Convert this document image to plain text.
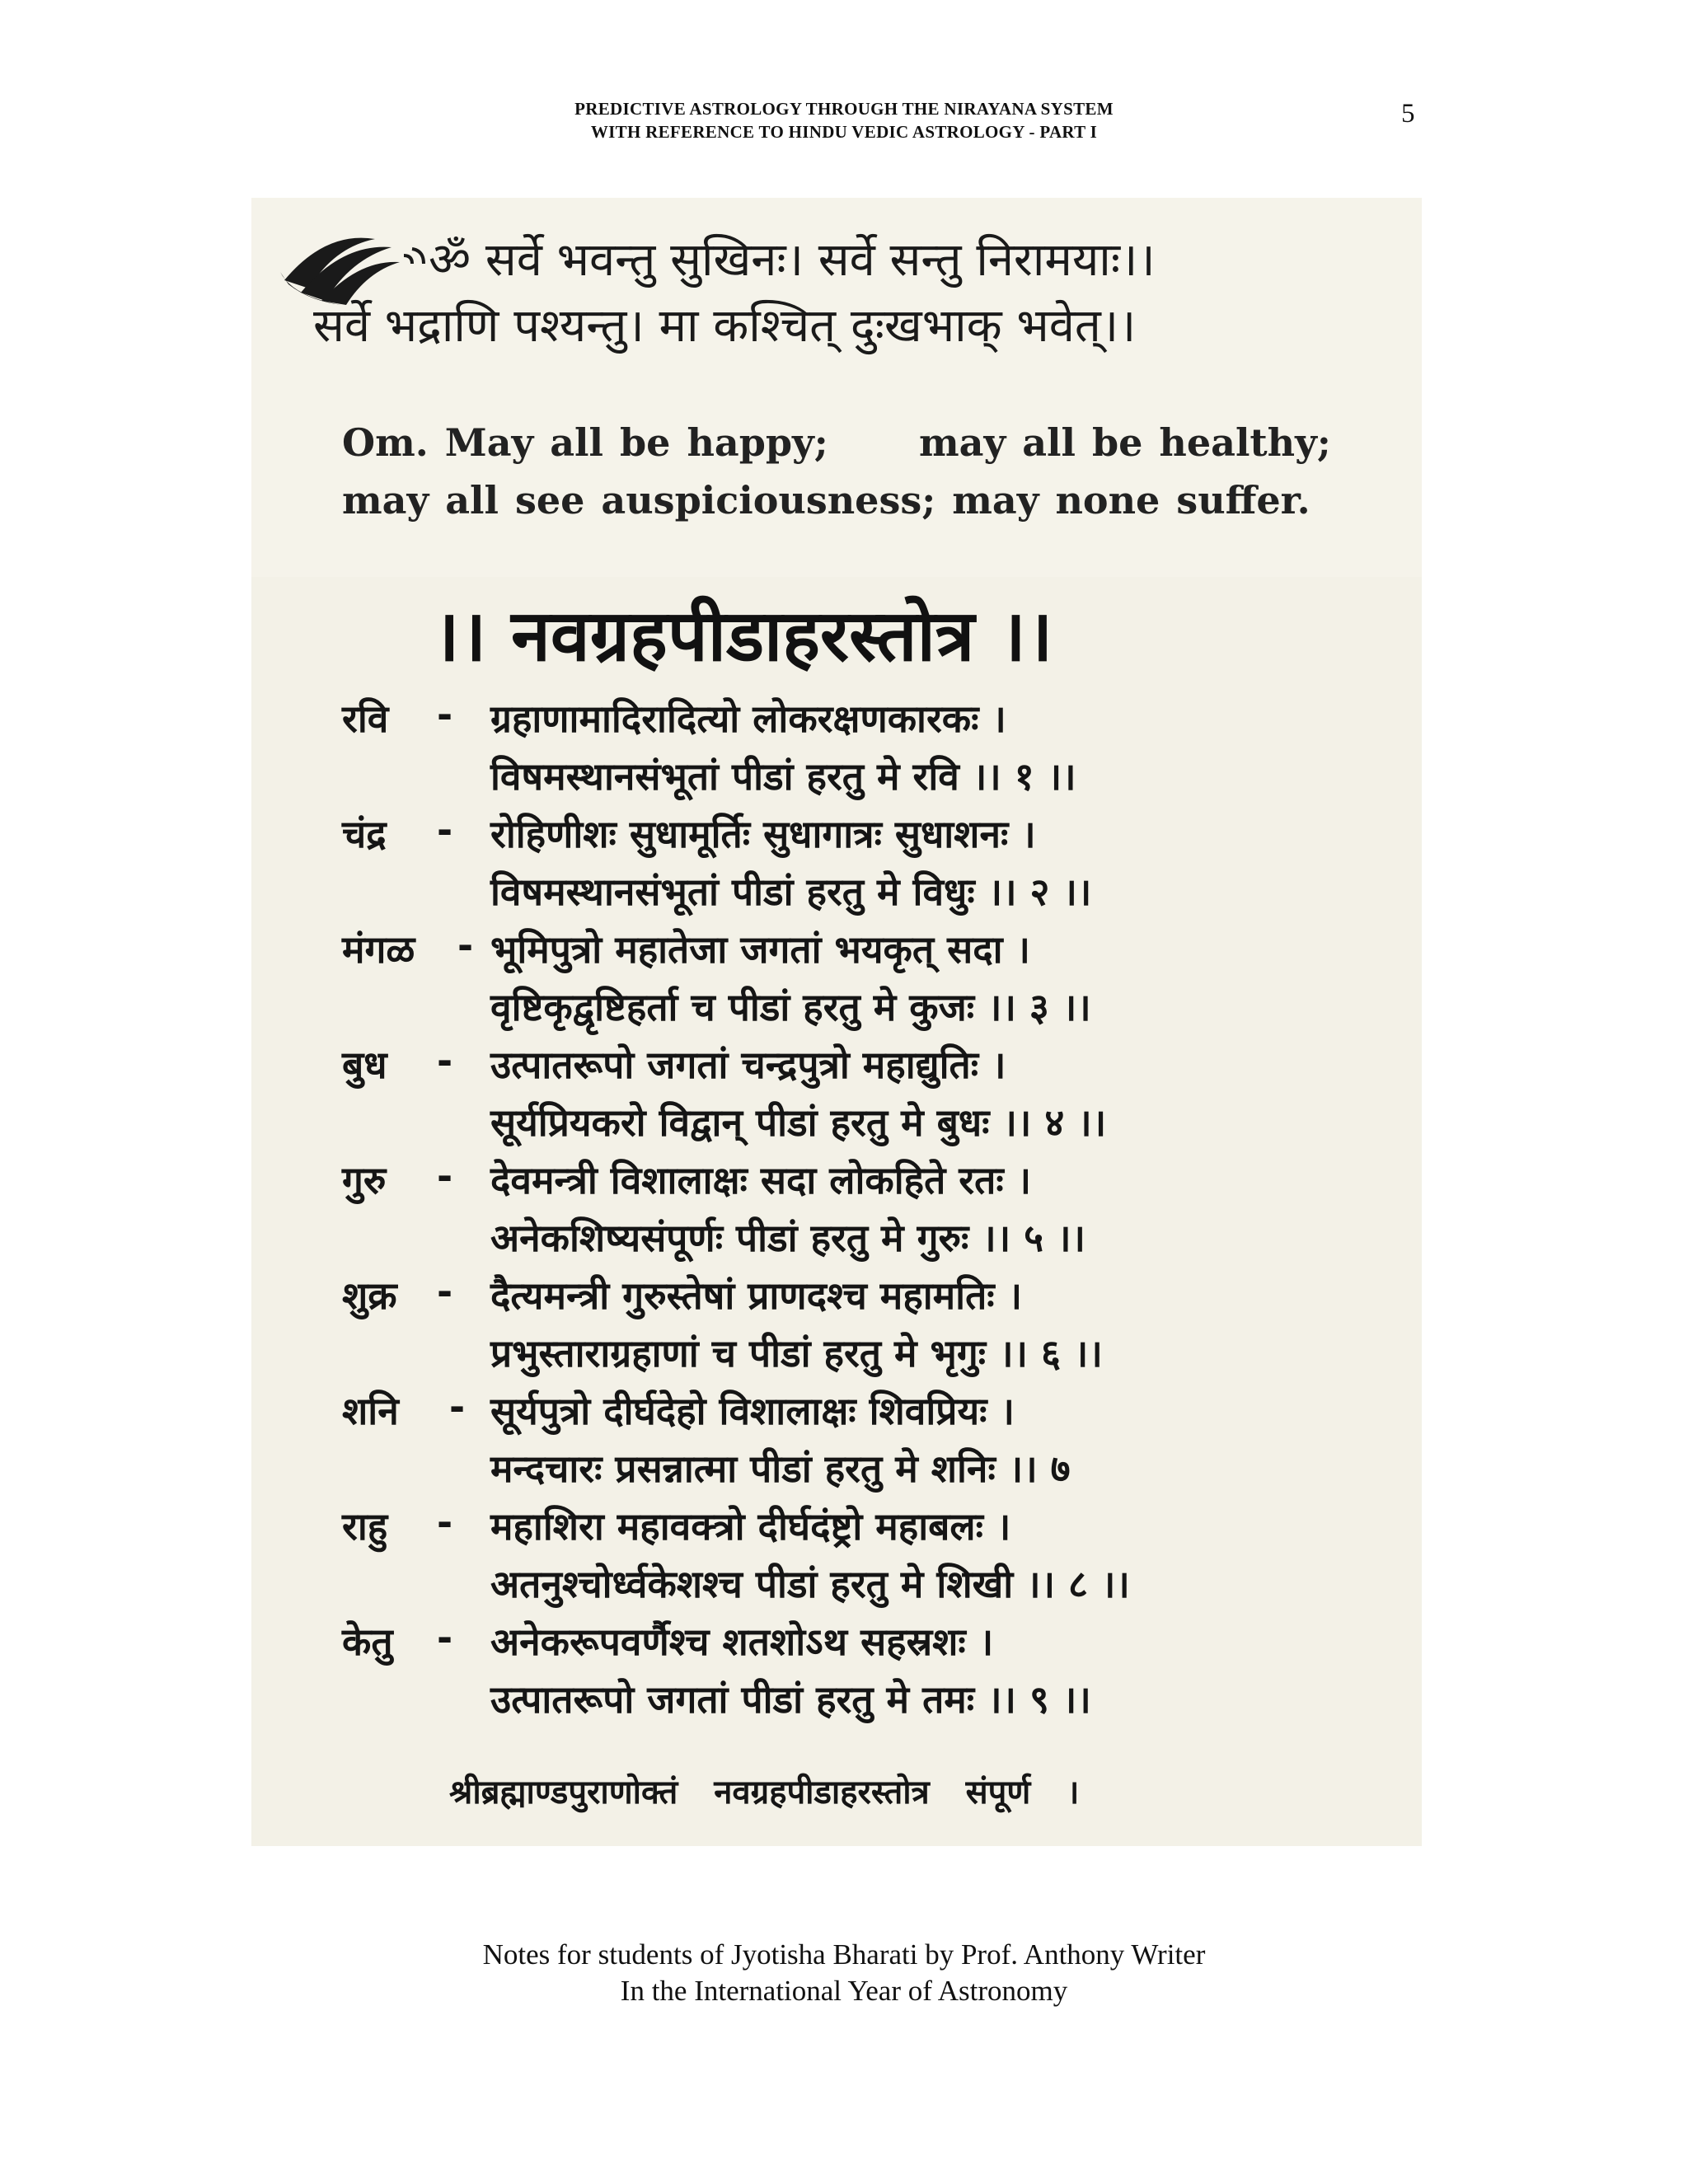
PREDICTIVE ASTROLOGY THROUGH THE NIRAYANA SYSTEM
WITH REFERENCE TO HINDU VEDIC ASTROLOGY - PART I
5
ॐ सर्वे भवन्तु सुखिनः। सर्वे सन्तु निरामयाः।।
सर्वे भद्राणि पश्यन्तु। मा कश्चित् दुःखभाक् भवेत्।।
Om. May all be happy; may all be healthy;
may all see auspiciousness; may none suffer.
।। नवग्रहपीडाहरस्तोत्र ।।
रवि - ग्रहाणामादिरादित्यो लोकरक्षणकारकः ।
विषमस्थानसंभूतां पीडां हरतु मे रवि ।। १ ।।
चंद्र - रोहिणीशः सुधामूर्तिः सुधागात्रः सुधाशनः ।
विषमस्थानसंभूतां पीडां हरतु मे विधुः ।। २ ।।
मंगळ - भूमिपुत्रो महातेजा जगतां भयकृत् सदा ।
वृष्टिकृद्वृष्टिहर्ता च पीडां हरतु मे कुजः ।। ३ ।।
बुध - उत्पातरूपो जगतां चन्द्रपुत्रो महाद्युतिः ।
सूर्यप्रियकरो विद्वान् पीडां हरतु मे बुधः ।। ४ ।।
गुरु - देवमन्त्री विशालाक्षः सदा लोकहिते रतः ।
अनेकशिष्यसंपूर्णः पीडां हरतु मे गुरुः ।। ५ ।।
शुक्र - दैत्यमन्त्री गुरुस्तेषां प्राणदश्च महामतिः ।
प्रभुस्ताराग्रहाणां च पीडां हरतु मे भृगुः ।। ६ ।।
शनि - सूर्यपुत्रो दीर्घदेहो विशालाक्षः शिवप्रियः ।
मन्दचारः प्रसन्नात्मा पीडां हरतु मे शनिः ।। ७
राहु - महाशिरा महावक्त्रो दीर्घदंष्ट्रो महाबलः ।
अतनुश्चोर्ध्वकेशश्च पीडां हरतु मे शिखी ।। ८ ।।
केतु - अनेकरूपवर्णैश्च शतशोऽथ सहस्रशः ।
उत्पातरूपो जगतां पीडां हरतु मे तमः ।। ९ ।।
श्रीब्रह्माण्डपुराणोक्तं नवग्रहपीडाहरस्तोत्र संपूर्ण ।
Notes for students of Jyotisha Bharati by Prof. Anthony Writer
In the International Year of Astronomy
